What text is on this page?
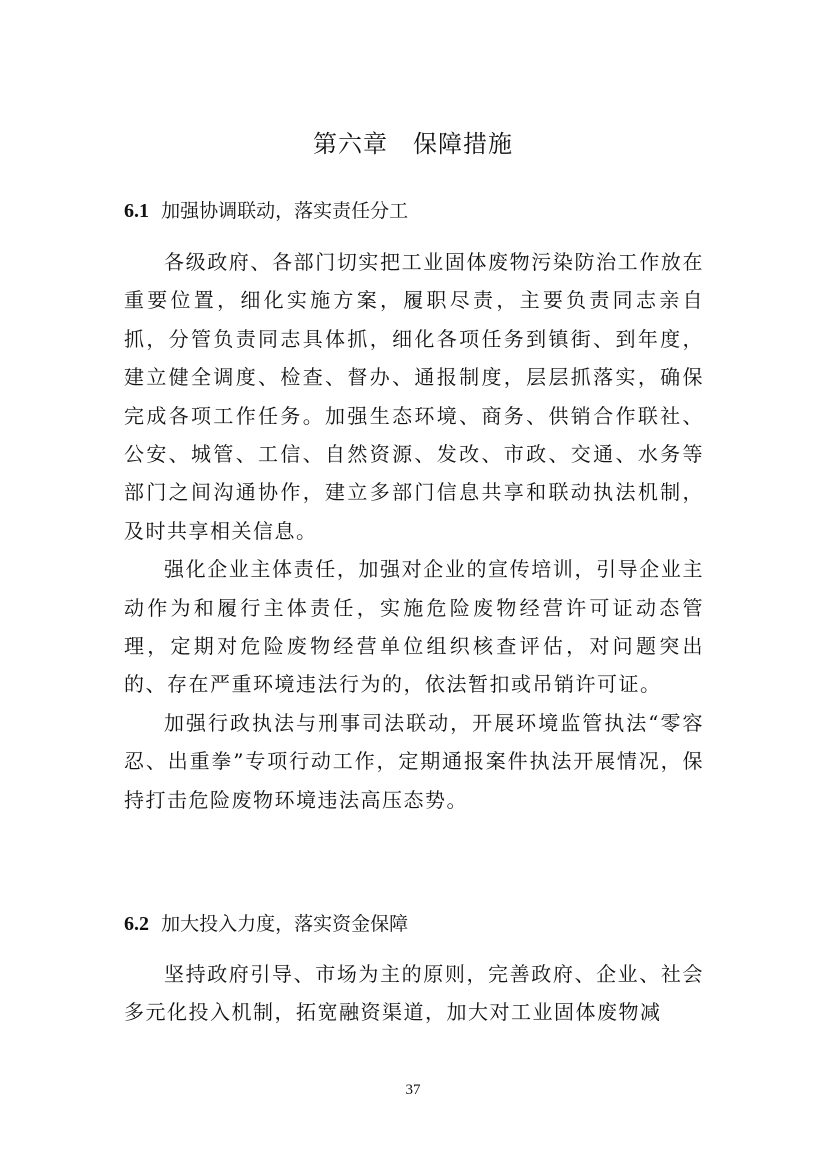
第六章　保障措施
6.1 加强协调联动，落实责任分工

各级政府、各部门切实把工业固体废物污染防治工作放在重要位置，细化实施方案，履职尽责，主要负责同志亲自抓，分管负责同志具体抓，细化各项任务到镇街、到年度，建立健全调度、检查、督办、通报制度，层层抓落实，确保完成各项工作任务。加强生态环境、商务、供销合作联社、公安、城管、工信、自然资源、发改、市政、交通、水务等部门之间沟通协作，建立多部门信息共享和联动执法机制，及时共享相关信息。

强化企业主体责任，加强对企业的宣传培训，引导企业主动作为和履行主体责任，实施危险废物经营许可证动态管理，定期对危险废物经营单位组织核查评估，对问题突出的、存在严重环境违法行为的，依法暂扣或吊销许可证。

加强行政执法与刑事司法联动，开展环境监管执法“零容忍、出重拳”专项行动工作，定期通报案件执法开展情况，保持打击危险废物环境违法高压态势。

6.2 加大投入力度，落实资金保障

坚持政府引导、市场为主的原则，完善政府、企业、社会多元化投入机制，拓宽融资渠道，加大对工业固体废物减

37
